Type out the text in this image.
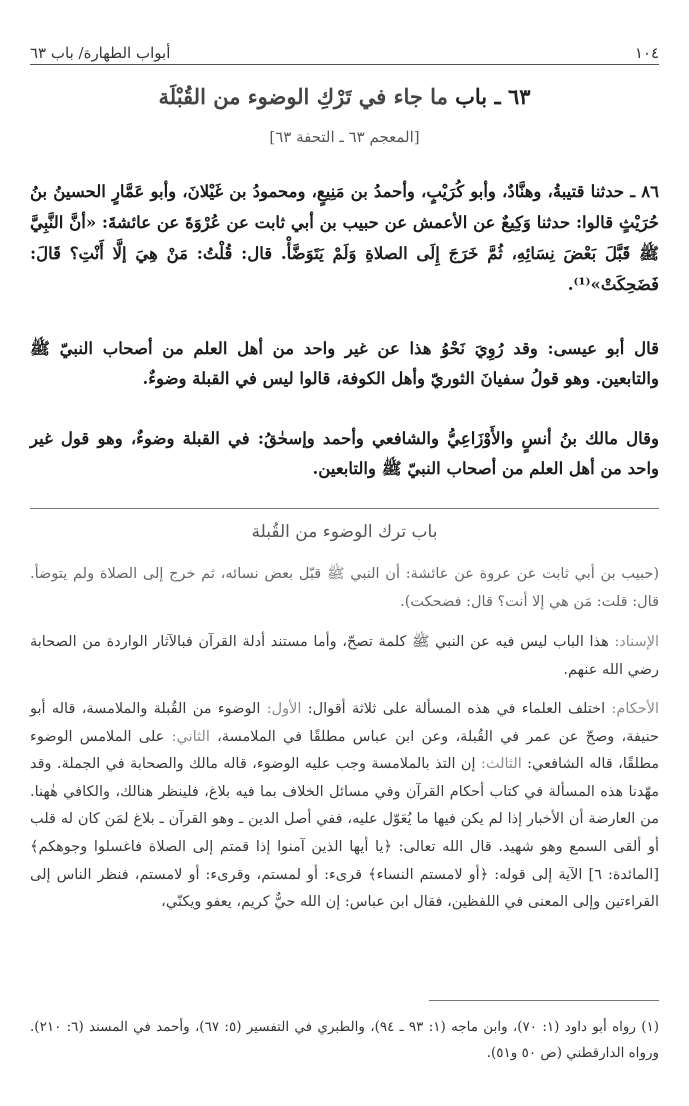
١٠٤
أبواب الطهارة/ باب ٦٣
٦٣ ـ باب ما جاء في تَرْكِ الوضوء من القُبْلَة
[المعجم ٦٣ ـ التحفة ٦٣]
٨٦ ـ حدثنا قتيبةُ، وهنَّادٌ، وأبو كُرَيْبٍ، وأحمدُ بن مَنِيعٍ، ومحمودُ بن غَيْلانَ، وأبو عَمَّارٍ الحسينُ بنُ حُرَيْثٍ قالوا: حدثنا وَكِيعٌ عن الأعمش عن حبيب بن أبي ثابت عن عُرْوَةَ عن عائشةَ: «أنَّ النَّبِيَّ ﷺ قَبَّلَ بَعْضَ نِسَائِهِ، ثُمَّ خَرَجَ إِلَى الصلاةِ وَلَمْ يَتَوَضَّأْ. قال: قُلْتُ: مَنْ هِيَ إلَّا أَنْتِ؟ قَالَ: فَضَحِكَتْ»⁽¹⁾.
قال أبو عيسى: وقد رُوِيَ نَحْوُ هذا عن غير واحد من أهل العلم من أصحاب النبيّ ﷺ والتابعين. وهو قولُ سفيانَ الثوريّ وأهل الكوفة، قالوا ليس في القبلة وضوءٌ.
وقال مالك بنُ أنسٍ والأَوْزَاعِيُّ والشافعي وأحمد وإسحٰقُ: في القبلة وضوءٌ، وهو قول غير واحد من أهل العلم من أصحاب النبيّ ﷺ والتابعين.
باب ترك الوضوء من القُبلة
(حبيب بن أبي ثابت عن عروة عن عائشة: أن النبي ﷺ قبّل بعض نسائه، ثم خرج إلى الصلاة ولم يتوضأ. قال: قلت: مَن هي إلا أنت؟ قال: فضحكت).
الإسناد: هذا الباب ليس فيه عن النبي ﷺ كلمة تصحّ، وأما مستند أدلة القرآن فبالآثار الواردة من الصحابة رضي الله عنهم.
الأحكام: اختلف العلماء في هذه المسألة على ثلاثة أقوال: الأول: الوضوء من القُبلة والملامسة، قاله أبو حنيفة، وصحّ عن عمر في القُبلة، وعن ابن عباس مطلقًا في الملامسة، الثاني: على الملامس الوضوء مطلقًا، قاله الشافعي: الثالث: إن التذ بالملامسة وجب عليه الوضوء، قاله مالك والصحابة في الجملة. وقد مهّدنا هذه المسألة في كتاب أحكام القرآن وفي مسائل الخلاف بما فيه بلاغ، فلينظر هنالك، والكافي هٰهنا. من العارضة أن الأخبار إذا لم يكن فيها ما يُعَوّل عليه، ففي أصل الدين ـ وهو القرآن ـ بلاغ لمَن كان له قلب أو ألقى السمع وهو شهيد. قال الله تعالى: ﴿يا أيها الذين آمنوا إذا قمتم إلى الصلاة فاغسلوا وجوهكم﴾ [المائدة: ٦] الآية إلى قوله: ﴿أو لامستم النساء﴾ قرىء: أو لمستم، وقرىء: أو لامستم، فنظر الناس إلى القراءتين وإلى المعنى في اللفظين، فقال ابن عباس: إن الله حيٌّ كريم، يعفو ويكنّي،
(١) رواه أبو داود (١: ٧٠)، وابن ماجه (١: ٩٣ ـ ٩٤)، والطبري في التفسير (٥: ٦٧)، وأحمد في المسند (٦: ٢١٠). ورواه الدارقطني (ص ٥٠ و٥١).
